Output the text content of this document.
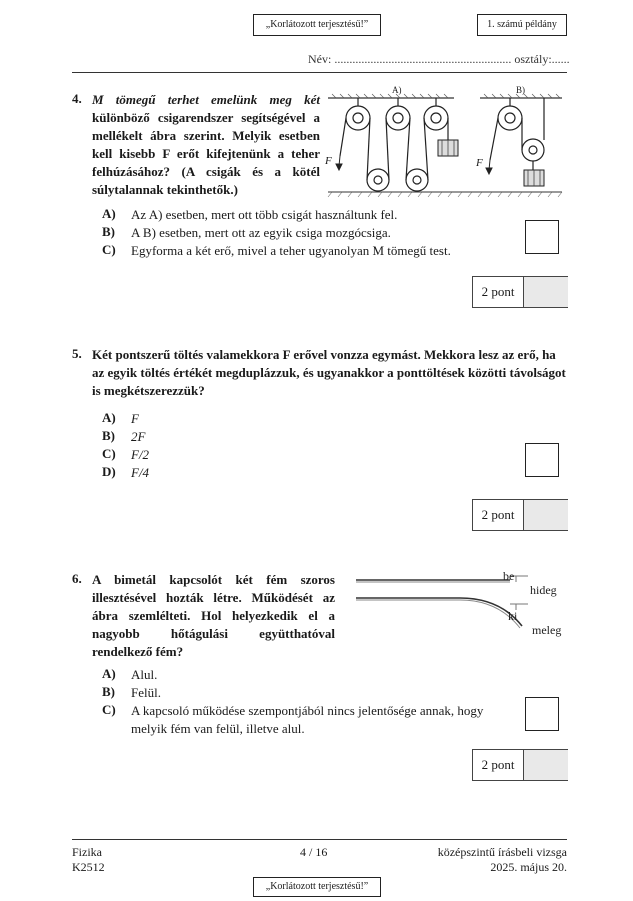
„Korlátozott terjesztésű!”	1. számú példány
Név: ........................................................... osztály:......
4. M tömegű terhet emelünk meg két
különböző csigarendszer segítségével a
mellékelt ábra szerint. Melyik esetben
kell kisebb F erőt kifejtenünk a teher
felhúzásához? (A csigák és a kötél
súlytalannak tekinthetők.)
A)	B)
F	F
A) Az A) esetben, mert ott több csigát használtunk fel.
B) A B) esetben, mert ott az egyik csiga mozgócsiga.
C) Egyforma a két erő, mivel a teher ugyanolyan M tömegű test.
2 pont
5. Két pontszerű töltés valamekkora F erővel vonzza egymást. Mekkora lesz az erő, ha
az egyik töltés értékét megduplázzuk, és ugyanakkor a ponttöltések közötti távolságot
is megkétszerezzük?
A) F
B) 2F
C) F/2
D) F/4
2 pont
6. A bimetál kapcsolót két fém szoros
illesztésével hozták létre. Működését az
ábra szemlélteti. Hol helyezkedik el a
nagyobb hőtágulási együtthatóval
rendelkező fém?
be
hideg
ki
meleg
A) Alul.
B) Felül.
C) A kapcsoló működése szempontjából nincs jelentősége annak, hogy
melyik fém van felül, illetve alul.
2 pont
Fizika
K2512
4 / 16	középszintű írásbeli vizsga
2025. május 20.
„Korlátozott terjesztésű!”
